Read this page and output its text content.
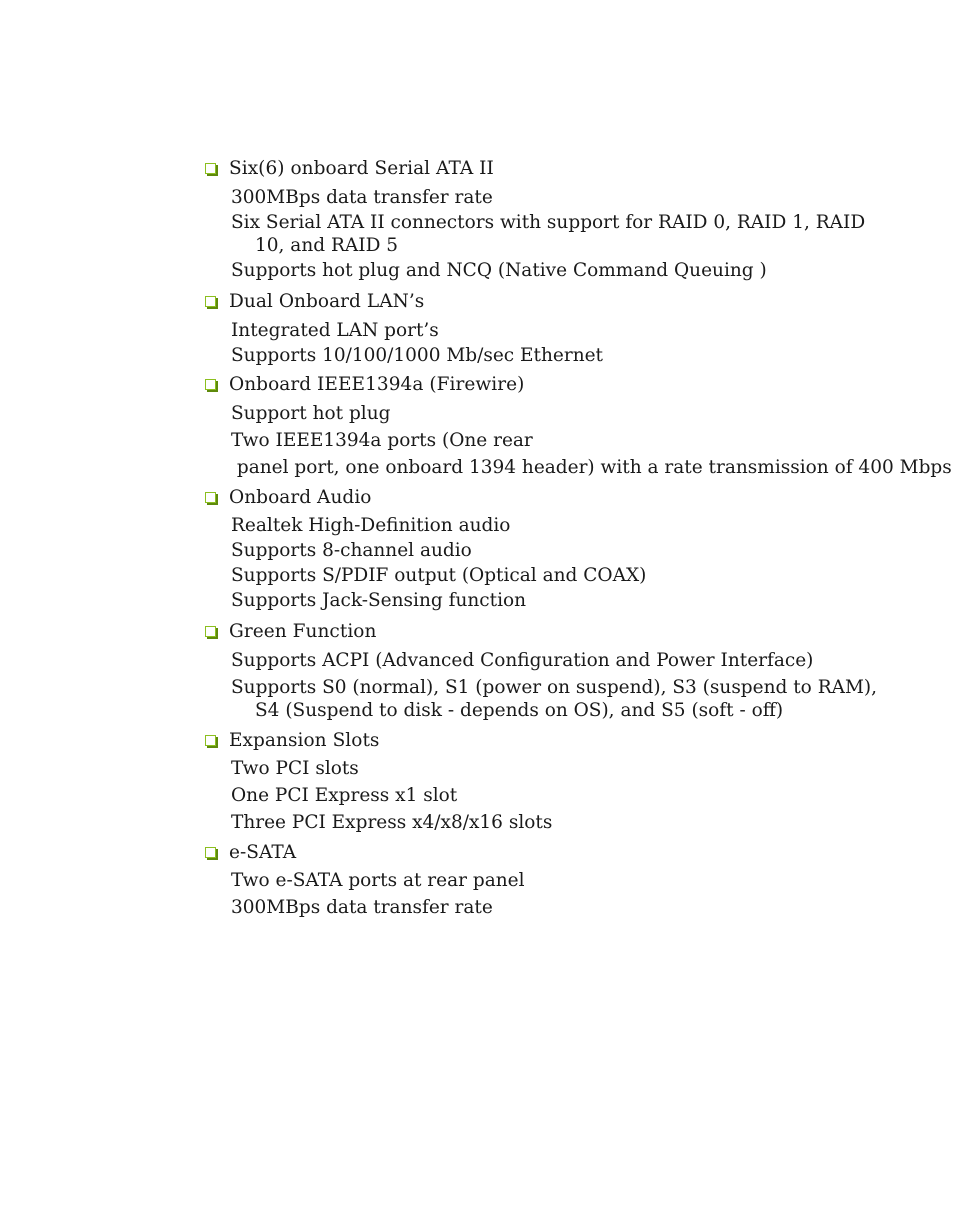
Six(6) onboard Serial ATA II
300MBps data transfer rate
Six Serial ATA II connectors with support for RAID 0, RAID 1, RAID 10, and RAID 5
Supports hot plug and NCQ (Native Command Queuing )
Dual Onboard LAN’s
Integrated LAN port’s
Supports 10/100/1000 Mb/sec Ethernet
Onboard IEEE1394a (Firewire)
Support hot plug
Two IEEE1394a ports (One rear
panel port, one onboard 1394 header) with a rate transmission of 400 Mbps
Onboard Audio
Realtek High-Definition audio
Supports 8-channel audio
Supports S/PDIF output (Optical and COAX)
Supports Jack-Sensing function
Green Function
Supports ACPI (Advanced Configuration and Power Interface)
Supports S0 (normal), S1 (power on suspend), S3 (suspend to RAM), S4 (Suspend to disk - depends on OS), and S5 (soft - off)
Expansion Slots
Two PCI slots
One PCI Express x1 slot
Three PCI Express x4/x8/x16 slots
e-SATA
Two e-SATA ports at rear panel
300MBps data transfer rate
